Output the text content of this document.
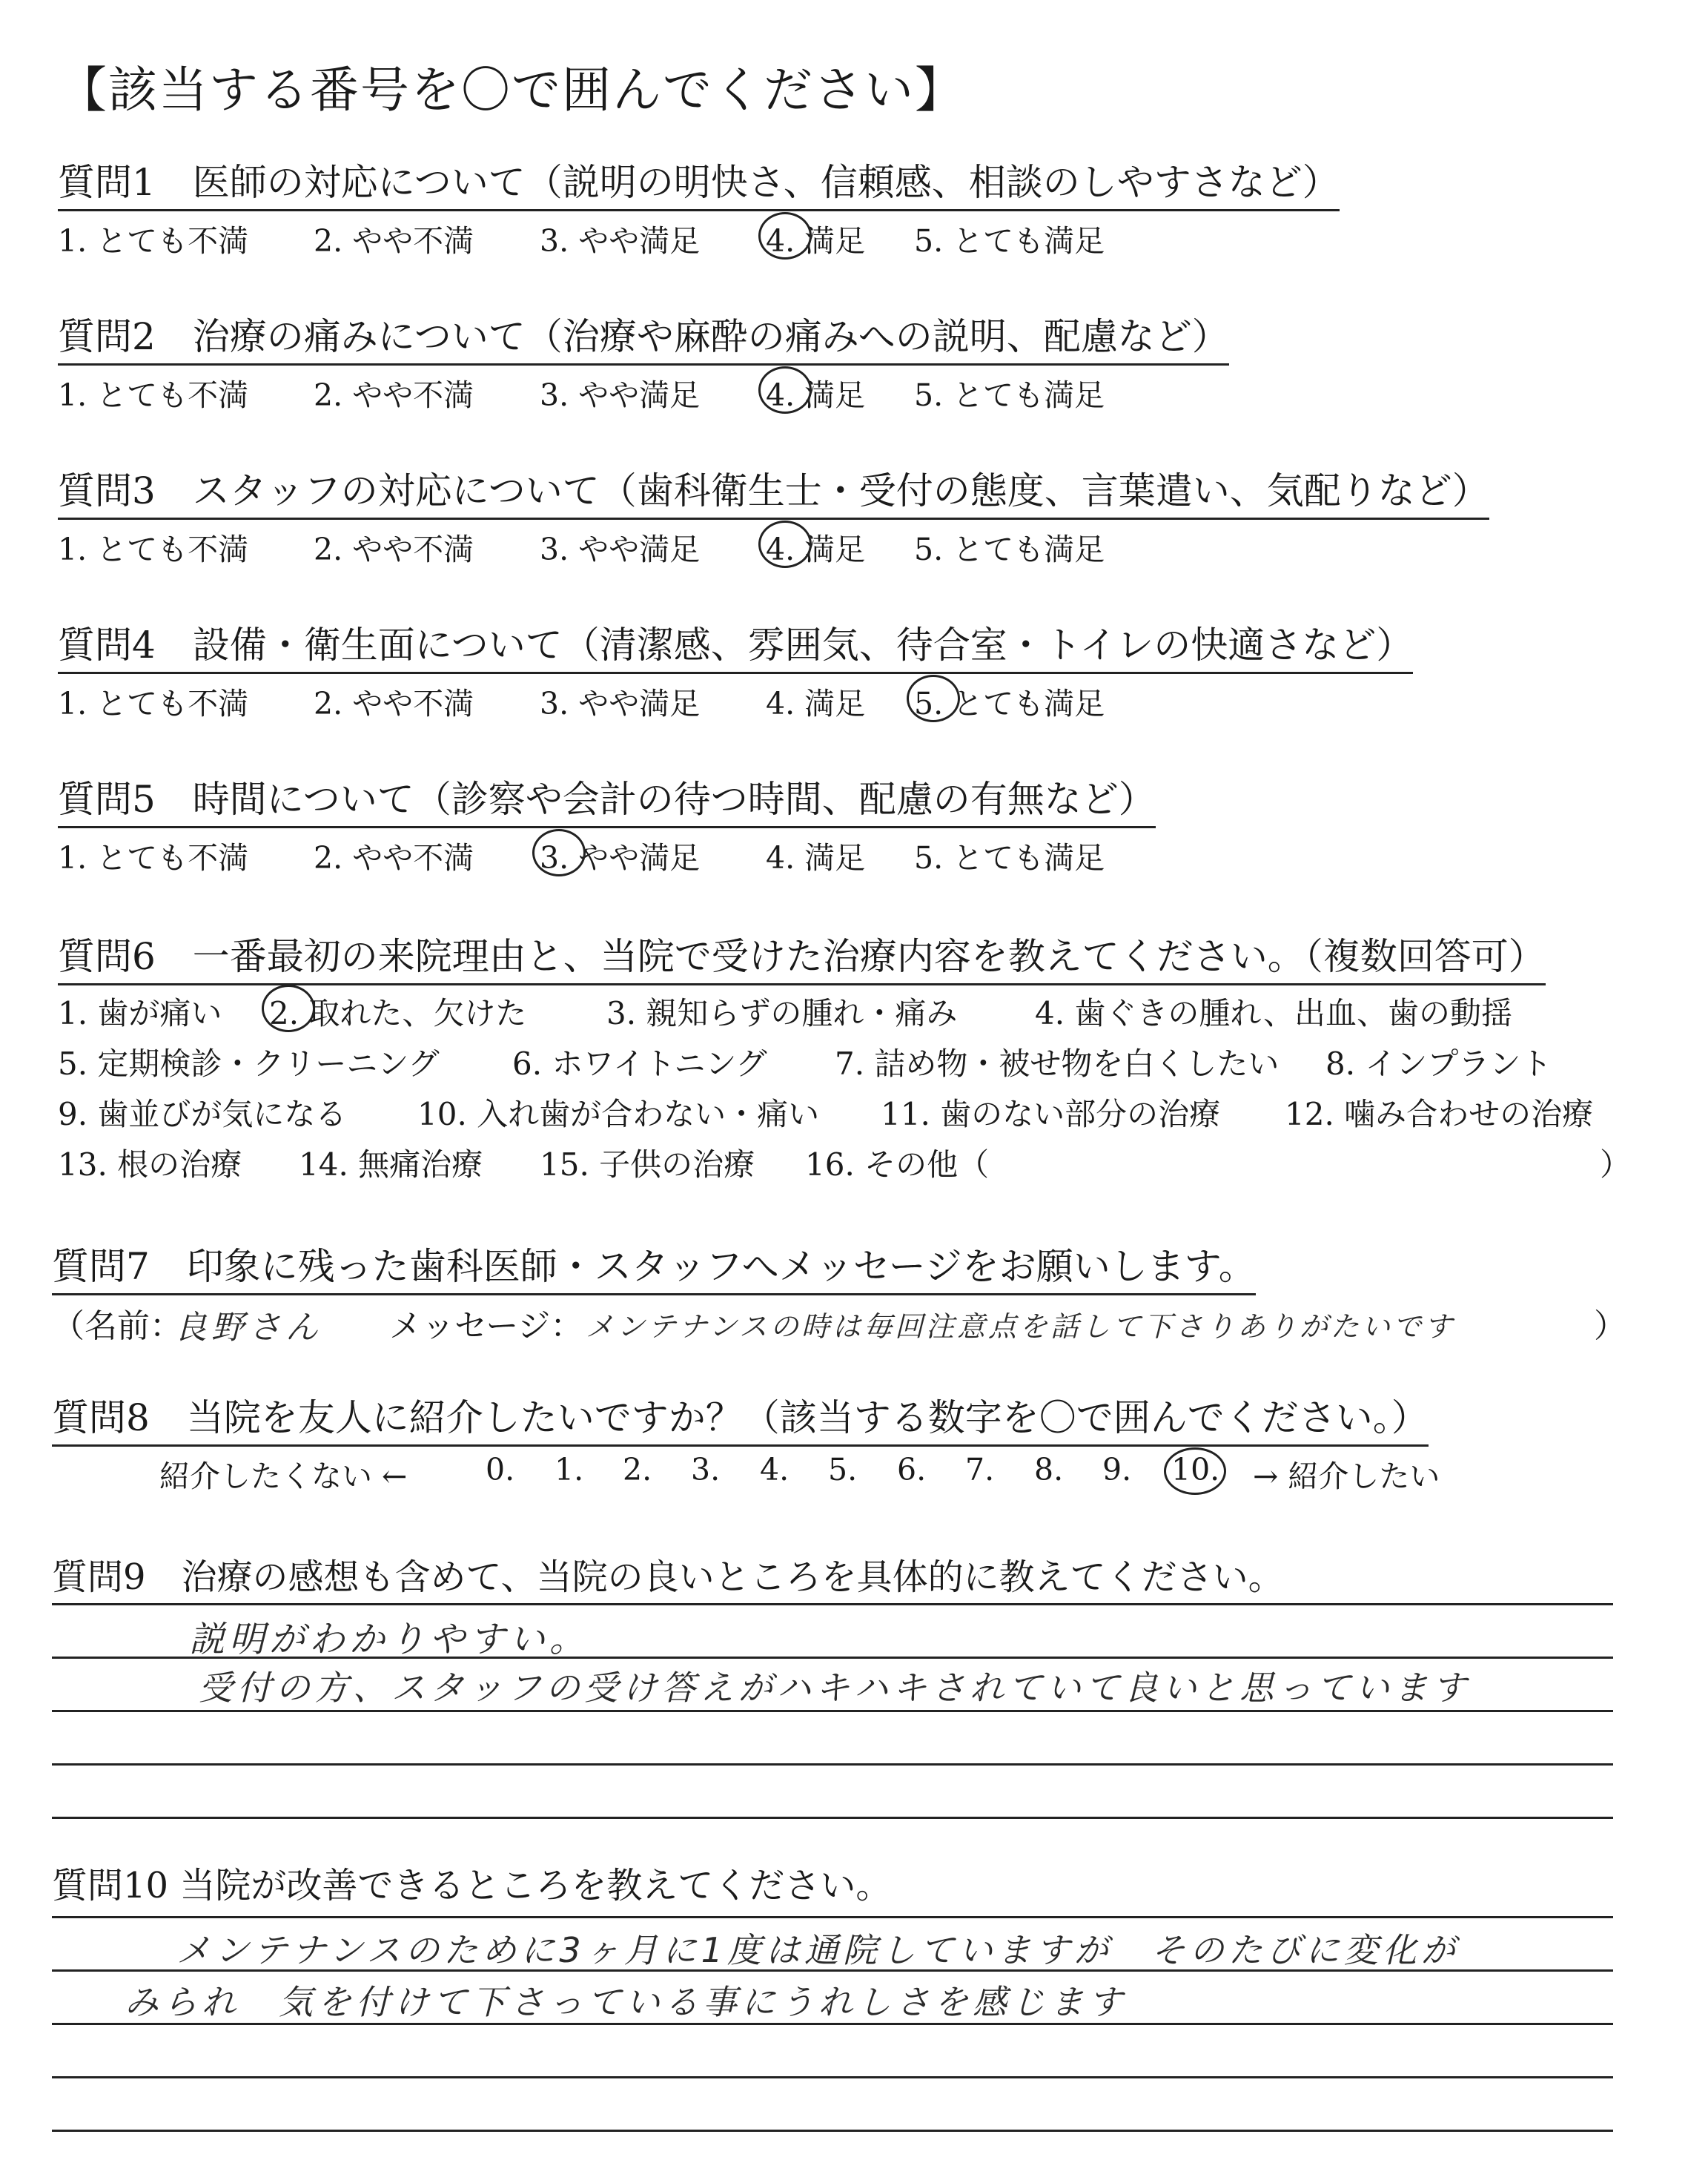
【該当する番号を〇で囲んでください】
質問1　医師の対応について（説明の明快さ、信頼感、相談のしやすさなど）
1. とても不満 2. やや不満 3. やや満足 4. 満足 5. とても満足
質問2　治療の痛みについて（治療や麻酔の痛みへの説明、配慮など）
1. とても不満 2. やや不満 3. やや満足 4. 満足 5. とても満足
質問3　スタッフの対応について（歯科衛生士・受付の態度、言葉遣い、気配りなど）
1. とても不満 2. やや不満 3. やや満足 4. 満足 5. とても満足
質問4　設備・衛生面について（清潔感、雰囲気、待合室・トイレの快適さなど）
1. とても不満 2. やや不満 3. やや満足 4. 満足 5. とても満足
質問5　時間について（診察や会計の待つ時間、配慮の有無など）
1. とても不満 2. やや不満 3. やや満足 4. 満足 5. とても満足
質問6　一番最初の来院理由と、当院で受けた治療内容を教えてください。（複数回答可）
1. 歯が痛い 2. 取れた、欠けた	3. 親知らずの腫れ・痛み 4. 歯ぐきの腫れ、出血、歯の動揺
5. 定期検診・クリーニング 6. ホワイトニング 7. 詰め物・被せ物を白くしたい 8. インプラント
9. 歯並びが気になる 10. 入れ歯が合わない・痛い 11. 歯のない部分の治療 12. 噛み合わせの治療
13. 根の治療 14. 無痛治療 15. 子供の治療 16. その他（	）
質問7　印象に残った歯科医師・スタッフへメッセージをお願いします。
（名前：
良野さん メッセージ： メンテナンスの時は毎回注意点を話して下さりありがたいです	）
質問8　当院を友人に紹介したいですか？（該当する数字を〇で囲んでください。）
紹介したくない ←	0. 1. 2. 3. 4. 5. 6. 7. 8. 9. 10. → 紹介したい
質問9　治療の感想も含めて、当院の良いところを具体的に教えてください。
説明がわかりやすい。
受付の方、スタッフの受け答えがハキハキされていて良いと思っています
質問10 当院が改善できるところを教えてください。
メンテナンスのために3ヶ月に1度は通院していますが　そのたびに変化が
みられ　気を付けて下さっている事にうれしさを感じます
